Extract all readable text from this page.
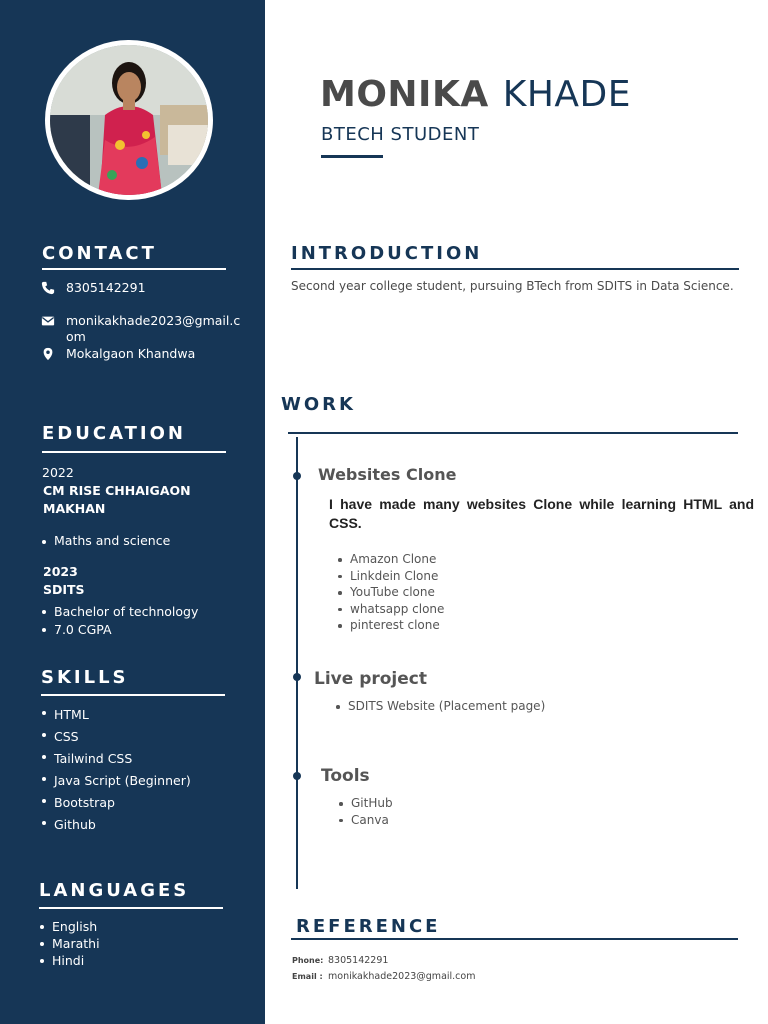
CONTACT
8305142291
monikakhade2023@gmail.c
om
Mokalgaon Khandwa
EDUCATION
2022
CM RISE CHHAIGAON
MAKHAN
Maths and science
2023
SDITS
Bachelor of technology
7.0 CGPA
SKILLS
HTML
CSS
Tailwind CSS
Java Script (Beginner)
Bootstrap
Github
LANGUAGES
English
Marathi
Hindi
MONIKA KHADE
BTECH STUDENT
INTRODUCTION
Second year college student, pursuing BTech from SDITS in Data Science.
WORK
Websites Clone
I have made many websites Clone while learning HTML and CSS.
Amazon Clone
Linkdein Clone
YouTube clone
whatsapp clone
pinterest clone
Live project
SDITS Website (Placement page)
Tools
GitHub
Canva
REFERENCE
Phone: 8305142291
Email : monikakhade2023@gmail.com
